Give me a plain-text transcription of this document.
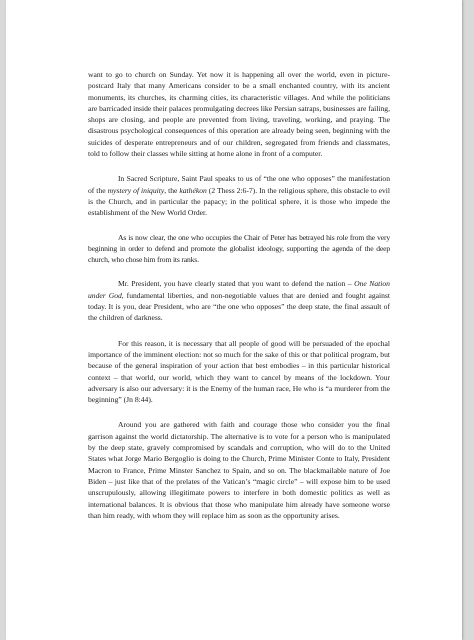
want to go to church on Sunday. Yet now it is happening all over the world, even in picture-postcard Italy that many Americans consider to be a small enchanted country, with its ancient monuments, its churches, its charming cities, its characteristic villages. And while the politicians are barricaded inside their palaces promulgating decrees like Persian satraps, businesses are failing, shops are closing, and people are prevented from living, traveling, working, and praying. The disastrous psychological consequences of this operation are already being seen, beginning with the suicides of desperate entrepreneurs and of our children, segregated from friends and classmates, told to follow their classes while sitting at home alone in front of a computer.

In Sacred Scripture, Saint Paul speaks to us of “the one who opposes” the manifestation of the mystery of iniquity, the kathékon (2 Thess 2:6-7). In the religious sphere, this obstacle to evil is the Church, and in particular the papacy; in the political sphere, it is those who impede the establishment of the New World Order.

As is now clear, the one who occupies the Chair of Peter has betrayed his role from the very beginning in order to defend and promote the globalist ideology, supporting the agenda of the deep church, who chose him from its ranks.

Mr. President, you have clearly stated that you want to defend the nation – One Nation under God, fundamental liberties, and non-negotiable values that are denied and fought against today. It is you, dear President, who are “the one who opposes” the deep state, the final assault of the children of darkness.

For this reason, it is necessary that all people of good will be persuaded of the epochal importance of the imminent election: not so much for the sake of this or that political program, but because of the general inspiration of your action that best embodies – in this particular historical context – that world, our world, which they want to cancel by means of the lockdown. Your adversary is also our adversary: it is the Enemy of the human race, He who is “a murderer from the beginning” (Jn 8:44).

Around you are gathered with faith and courage those who consider you the final garrison against the world dictatorship. The alternative is to vote for a person who is manipulated by the deep state, gravely compromised by scandals and corruption, who will do to the United States what Jorge Mario Bergoglio is doing to the Church, Prime Minister Conte to Italy, President Macron to France, Prime Minster Sanchez to Spain, and so on. The blackmailable nature of Joe Biden – just like that of the prelates of the Vatican’s “magic circle” – will expose him to be used unscrupulously, allowing illegitimate powers to interfere in both domestic politics as well as international balances. It is obvious that those who manipulate him already have someone worse than him ready, with whom they will replace him as soon as the opportunity arises.
